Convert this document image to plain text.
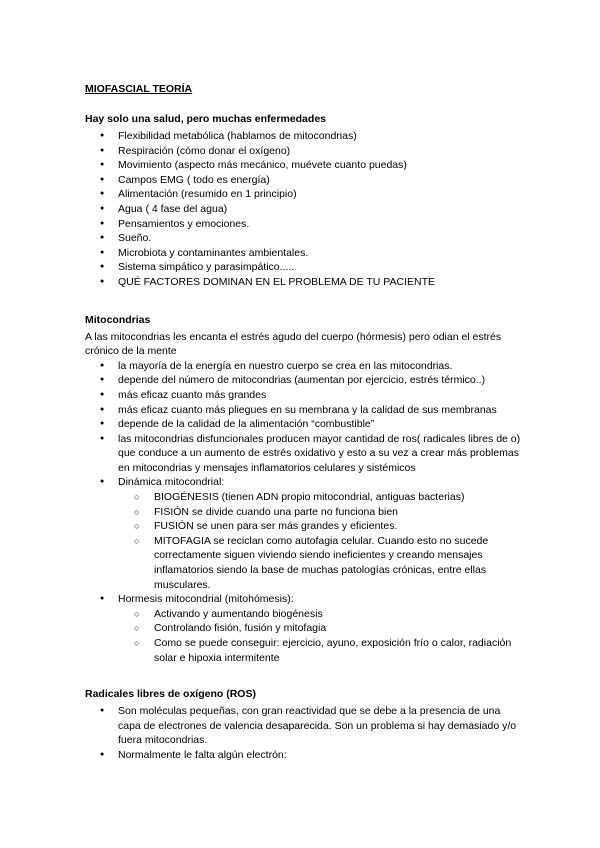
MIOFASCIAL TEORÍA
Hay solo una salud, pero muchas enfermedades
● Flexibilidad metabólica (hablamos de mitocondrias)
● Respiración (cómo donar el oxígeno)
● Movimiento (aspecto más mecánico, muévete cuanto puedas)
● Campos EMG ( todo es energía)
● Alimentación (resumido en 1 principio)
● Agua ( 4 fase del agua)
● Pensamientos y emociones.
● Sueño.
● Microbiota y contaminantes ambientales.
● Sistema simpático y parasimpático.....
● QUÉ FACTORES DOMINAN EN EL PROBLEMA DE TU PACIENTE
Mitocondrias

A las mitocondrias les encanta el estrés agudo del cuerpo (hórmesis) pero odian el estrés crónico de la mente

● la mayoría de la energía en nuestro cuerpo se crea en las mitocondrias.
● depende del número de mitocondrias (aumentan por ejercicio, estrés térmico..)
● más eficaz cuanto más grandes
● más eficaz cuanto más pliegues en su membrana y la calidad de sus membranas
● depende de la calidad de la alimentación “combustible”
● las mitocondrias disfuncionales producen mayor cantidad de ros( radicales libres de o) que conduce a un aumento de estrés oxidativo y esto a su vez a crear más problemas en mitocondrias y mensajes inflamatorios celulares y sistémicos
● Dinámica mitocondrial:
○ BIOGÉNESIS (tienen ADN propio mitocondrial, antiguas bacterias)
○ FISIÓN se divide cuando una parte no funciona bien
○ FUSIÓN se unen para ser más grandes y eficientes.
○ MITOFAGIA se reciclan como autofagia celular. Cuando esto no sucede correctamente siguen viviendo siendo ineficientes y creando mensajes inflamatorios siendo la base de muchas patologías crónicas, entre ellas musculares.
● Hormesis mitocondrial (mitohómesis):
○ Activando y aumentando biogénesis
○ Controlando fisión, fusión y mitofagia
○ Como se puede conseguir: ejercicio, ayuno, exposición frío o calor, radiación solar e hipoxia intermitente
Radicales libres de oxígeno (ROS)
● Son moléculas pequeñas, con gran reactividad que se debe a la presencia de una capa de electrones de valencia desaparecida. Son un problema si hay demasiado y/o fuera mitocondrias.
● Normalmente le falta algún electrón:
